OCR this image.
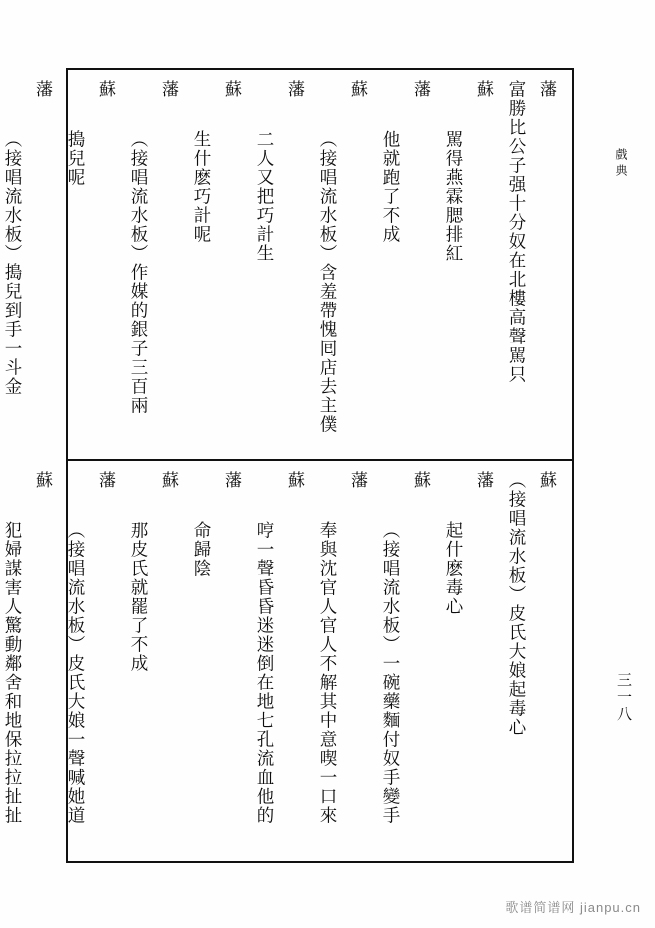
戲典
三一八
藩
富勝比公子强十分奴在北樓高聲駡只
蘇
駡得燕霖腮排紅
藩
他就跑了不成
蘇
（接唱流水板）含羞帶愧囘店去主僕
藩
二人又把巧計生
蘇
生什麽巧計呢
藩
（接唱流水板）作媒的銀子三百兩
蘇
搗兒呢
藩
（接唱流水板）搗兒到手一斗金
蘇
（接唱流水板）皮氏大娘起毒心
藩
起什麽毒心
蘇
（接唱流水板）一碗藥麵付奴手變手
藩
奉與沈官人官人不解其中意喫一口來
蘇
哼一聲昏昏迷迷倒在地七孔流血他的
藩
命歸陰
蘇
那皮氏就罷了不成
藩
（接唱流水板）皮氏大娘一聲喊她道
蘇
犯婦謀害人驚動鄰舍和地保拉拉扯扯
歌谱简谱网 jianpu.cn
